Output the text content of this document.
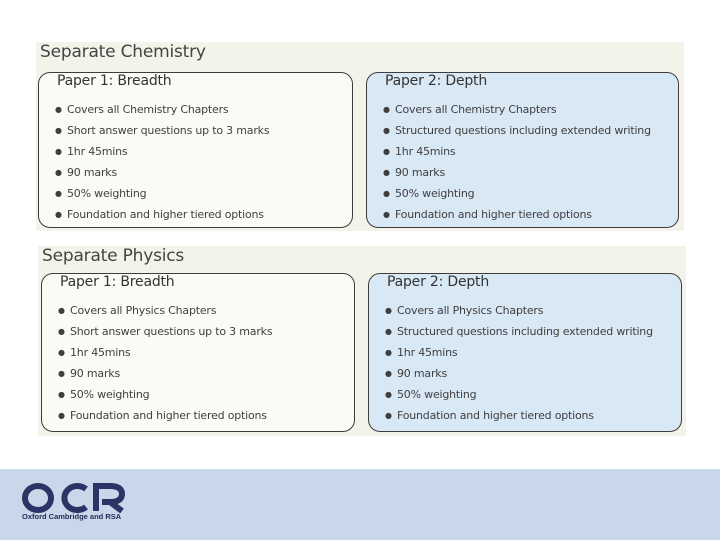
Separate Chemistry
Paper 1: Breadth
● Covers all Chemistry Chapters
● Short answer questions up to 3 marks
● 1hr 45mins
● 90 marks
● 50% weighting
● Foundation and higher tiered options
Paper 2: Depth
● Covers all Chemistry Chapters
● Structured questions including extended writing
● 1hr 45mins
● 90 marks
● 50% weighting
● Foundation and higher tiered options
Separate Physics
Paper 1: Breadth
● Covers all Physics Chapters
● Short answer questions up to 3 marks
● 1hr 45mins
● 90 marks
● 50% weighting
● Foundation and higher tiered options
Paper 2: Depth
● Covers all Physics Chapters
● Structured questions including extended writing
● 1hr 45mins
● 90 marks
● 50% weighting
● Foundation and higher tiered options
Oxford Cambridge and RSA
